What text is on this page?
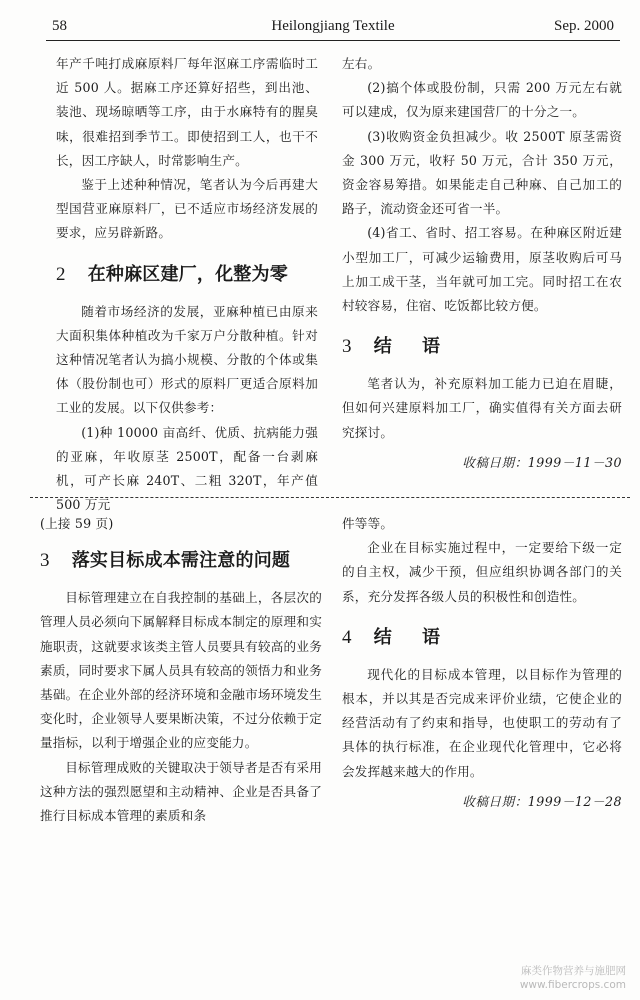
58	Heilongjiang Textile	Sep. 2000

年产千吨打成麻原料厂每年沤麻工序需临时工近 500 人。据麻工序还算好招些，到出池、装池、现场晾晒等工序，由于水麻特有的腥臭味，很难招到季节工。即使招到工人，也干不长，因工序缺人，时常影响生产。

鉴于上述种种情况，笔者认为今后再建大型国营亚麻原料厂，已不适应市场经济发展的要求，应另辟新路。

2 在种麻区建厂，化整为零

随着市场经济的发展，亚麻种植已由原来大面积集体种植改为千家万户分散种植。针对这种情况笔者认为搞小规模、分散的个体或集体（股份制也可）形式的原料厂更适合原料加工业的发展。以下仅供参考：

(1)种 10000 亩高纤、优质、抗病能力强的亚麻，年收原茎 2500T，配备一台剥麻机，可产长麻 240T、二粗 320T，年产值 500 万元

左右。

(2)搞个体或股份制，只需 200 万元左右就可以建成，仅为原来建国营厂的十分之一。

(3)收购资金负担减少。收 2500T 原茎需资金 300 万元，收籽 50 万元，合计 350 万元，资金容易筹措。如果能走自己种麻、自己加工的路子，流动资金还可省一半。

(4)省工、省时、招工容易。在种麻区附近建小型加工厂，可减少运输费用，原茎收购后可马上加工成干茎，当年就可加工完。同时招工在农村较容易，住宿、吃饭都比较方便。

3 结 语

笔者认为，补充原料加工能力已迫在眉睫，但如何兴建原料加工厂，确实值得有关方面去研究探讨。

收稿日期：1999－11－30

(上接 59 页)

3 落实目标成本需注意的问题

目标管理建立在自我控制的基础上，各层次的管理人员必须向下属解释目标成本制定的原理和实施职责，这就要求该类主管人员要具有较高的业务素质，同时要求下属人员具有较高的领悟力和业务基础。在企业外部的经济环境和金融市场环境发生变化时，企业领导人要果断决策，不过分依赖于定量指标，以利于增强企业的应变能力。

目标管理成败的关键取决于领导者是否有采用这种方法的强烈愿望和主动精神、企业是否具备了推行目标成本管理的素质和条

件等等。

企业在目标实施过程中，一定要给下级一定的自主权，减少干预，但应组织协调各部门的关系，充分发挥各级人员的积极性和创造性。

4 结 语

现代化的目标成本管理，以目标作为管理的根本，并以其是否完成来评价业绩，它使企业的经营活动有了约束和指导，也使职工的劳动有了具体的执行标准，在企业现代化管理中，它必将会发挥越来越大的作用。

收稿日期：1999－12－28
麻类作物营养与施肥网
www.fibercrops.com
